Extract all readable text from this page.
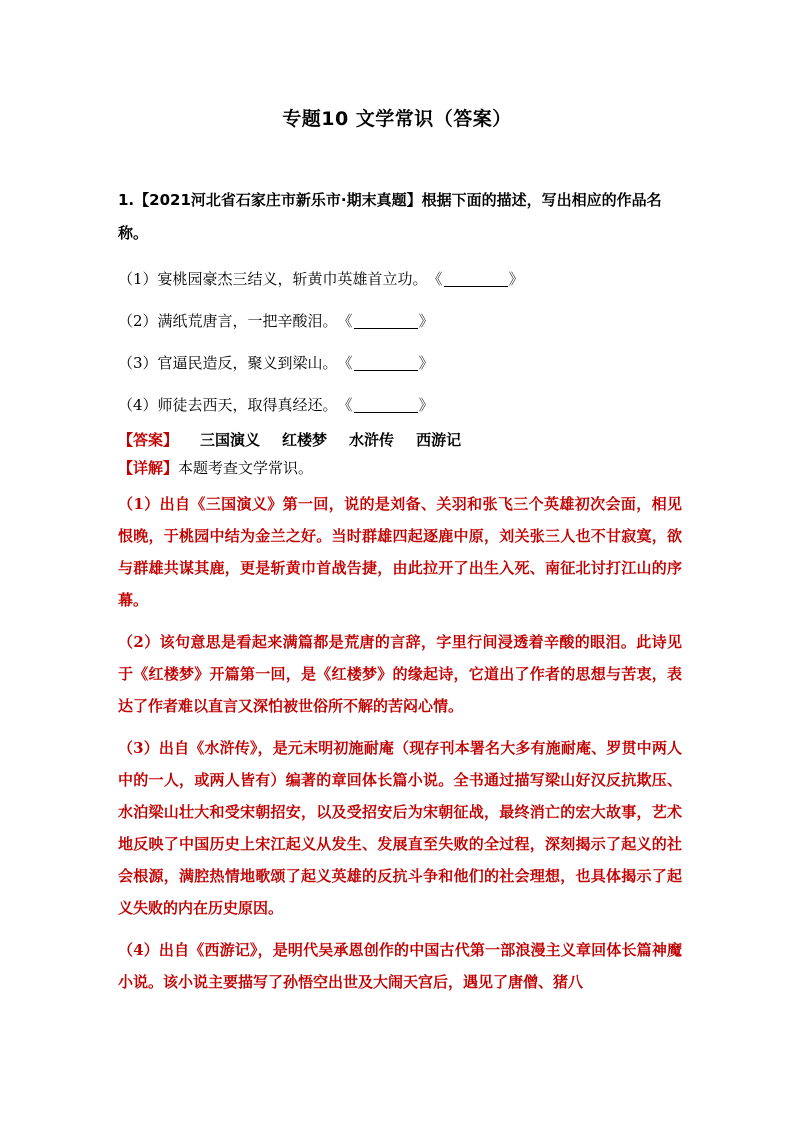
专题10 文学常识（答案）

1.【2021河北省石家庄市新乐市·期末真题】根据下面的描述，写出相应的作品名称。

（1）宴桃园豪杰三结义，斩黄巾英雄首立功。 《	》

（2）满纸荒唐言，一把辛酸泪。 《	》

（3）官逼民造反，聚义到梁山。 《	》

（4）师徒去西天，取得真经还。 《	》

【答案】 三国演义 红楼梦 水浒传 西游记

【详解】本题考查文学常识。

（1）出自《三国演义》第一回，说的是刘备、关羽和张飞三个英雄初次会面，相见恨晚，于桃园中结为金兰之好。当时群雄四起逐鹿中原，刘关张三人也不甘寂寞，欲与群雄共谋其鹿，更是斩黄巾首战告捷，由此拉开了出生入死、南征北讨打江山的序幕。

（2）该句意思是看起来满篇都是荒唐的言辞，字里行间浸透着辛酸的眼泪。此诗见于《红楼梦》开篇第一回，是《红楼梦》的缘起诗，它道出了作者的思想与苦衷，表达了作者难以直言又深怕被世俗所不解的苦闷心情。

（3）出自《水浒传》，是元末明初施耐庵（现存刊本署名大多有施耐庵、罗贯中两人中的一人，或两人皆有）编著的章回体长篇小说。全书通过描写梁山好汉反抗欺压、水泊梁山壮大和受宋朝招安，以及受招安后为宋朝征战，最终消亡的宏大故事，艺术地反映了中国历史上宋江起义从发生、发展直至失败的全过程，深刻揭示了起义的社会根源，满腔热情地歌颂了起义英雄的反抗斗争和他们的社会理想，也具体揭示了起义失败的内在历史原因。

（4）出自《西游记》，是明代吴承恩创作的中国古代第一部浪漫主义章回体长篇神魔小说。该小说主要描写了孙悟空出世及大闹天宫后，遇见了唐僧、猪八
